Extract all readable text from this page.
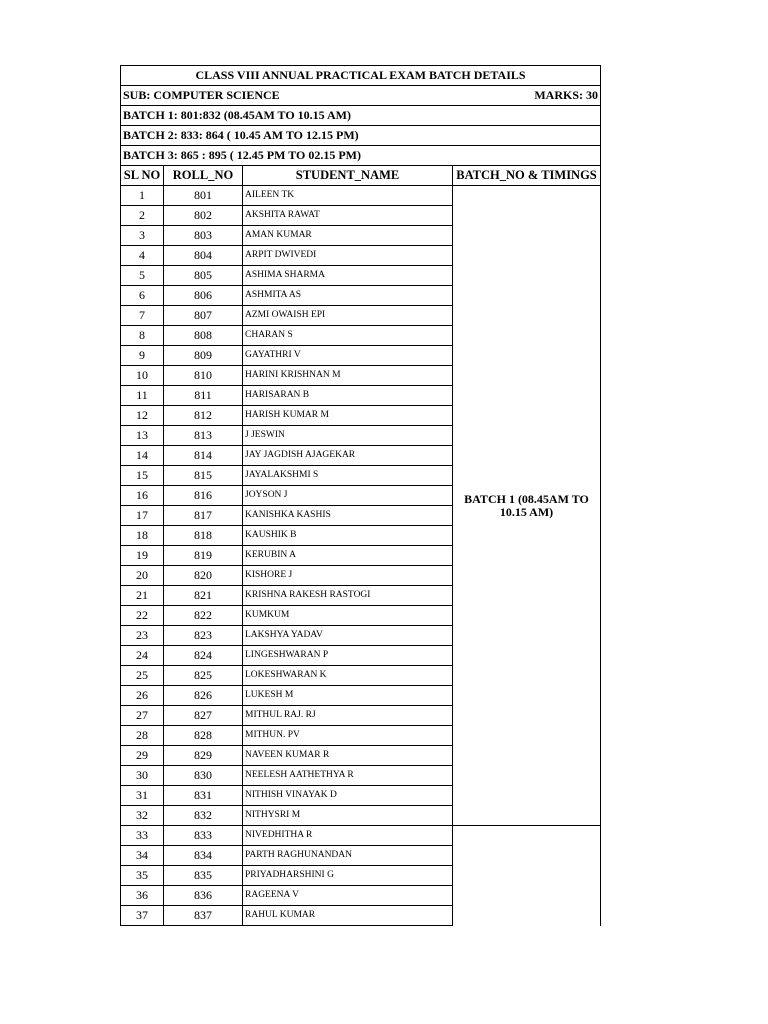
CLASS VIII ANNUAL PRACTICAL EXAM BATCH DETAILS			
SUB: COMPUTER SCIENCE MARKS: 30			

BATCH 1: 801:832 (08.45AM TO 10.15 AM)			
BATCH 2: 833: 864 ( 10.45 AM TO 12.15 PM)			
BATCH 3: 865 : 895 ( 12.45 PM TO 02.15 PM)			
SL NO	ROLL_NO	STUDENT_NAME	BATCH_NO & TIMINGS
1	801	AILEEN TK	BATCH 1 (08.45AM TO 10.15 AM)
2	802	AKSHITA RAWAT	
3	803	AMAN KUMAR	
4	804	ARPIT DWIVEDI	
5	805	ASHIMA SHARMA	
6	806	ASHMITA AS	
7	807	AZMI OWAISH EPI	
8	808	CHARAN S	
9	809	GAYATHRI V	
10	810	HARINI KRISHNAN M	
11	811	HARISARAN B	
12	812	HARISH KUMAR M	
13	813	J JESWIN	
14	814	JAY JAGDISH AJAGEKAR	
15	815	JAYALAKSHMI S	
16	816	JOYSON J	
17	817	KANISHKA KASHIS	
18	818	KAUSHIK B	
19	819	KERUBIN A	
20	820	KISHORE J	
21	821	KRISHNA RAKESH RASTOGI	
22	822	KUMKUM	
23	823	LAKSHYA YADAV	
24	824	LINGESHWARAN P	
25	825	LOKESHWARAN K	
26	826	LUKESH M	
27	827	MITHUL RAJ. RJ	
28	828	MITHUN. PV	
29	829	NAVEEN KUMAR R	
30	830	NEELESH AATHETHYA R	
31	831	NITHISH VINAYAK D	
32	832	NITHYSRI M	
33	833	NIVEDHITHA R	
34	834	PARTH RAGHUNANDAN	
35	835	PRIYADHARSHINI G	
36	836	RAGEENA V	
37	837	RAHUL KUMAR	
